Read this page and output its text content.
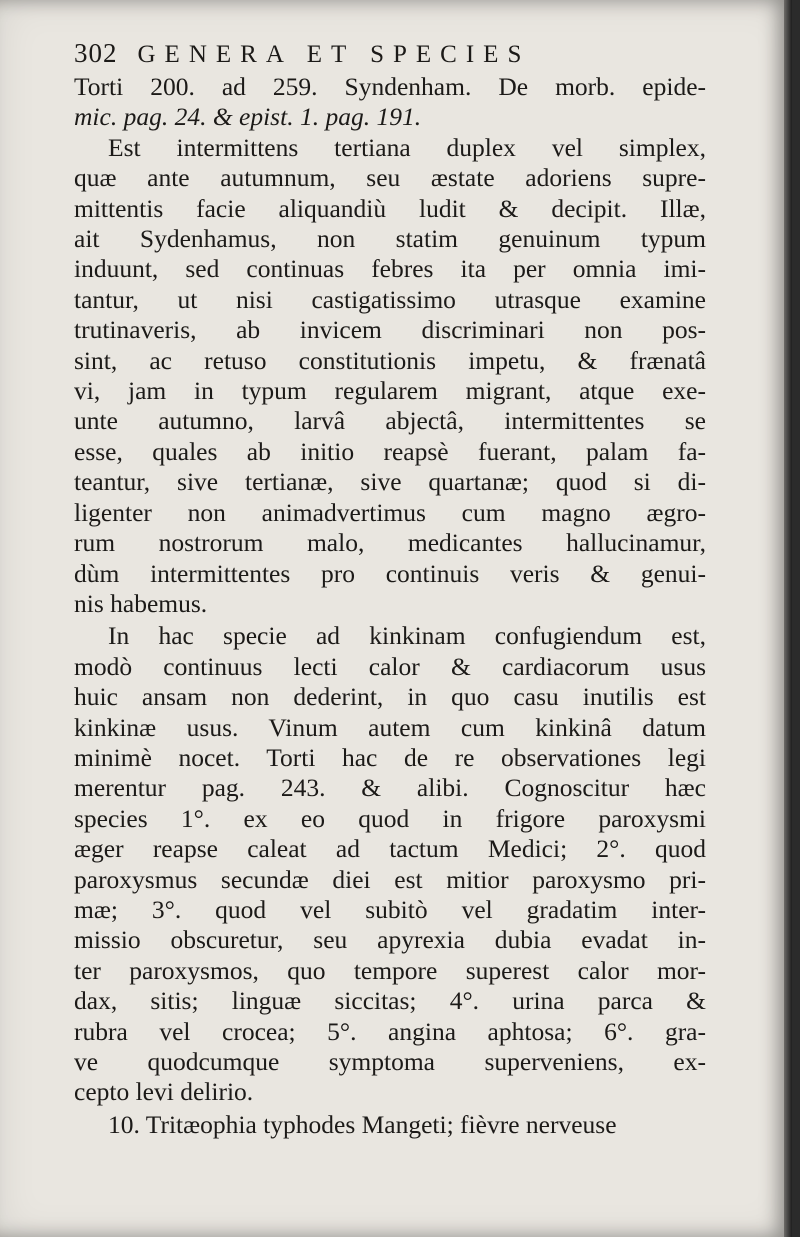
302 GENERA ET SPECIES
Torti 200. ad 259. Syndenham. De morb. epide-
mic. pag. 24. & epist. 1. pag. 191.
Est intermittens tertiana duplex vel simplex,
quæ ante autumnum, seu æstate adoriens supre-
mittentis facie aliquandiù ludit & decipit. Illæ,
ait Sydenhamus, non statim genuinum typum
induunt, sed continuas febres ita per omnia imi-
tantur, ut nisi castigatissimo utrasque examine
trutinaveris, ab invicem discriminari non pos-
sint, ac retuso constitutionis impetu, & frænatâ
vi, jam in typum regularem migrant, atque exe-
unte autumno, larvâ abjectâ, intermittentes se
esse, quales ab initio reapsè fuerant, palam fa-
teantur, sive tertianæ, sive quartanæ; quod si di-
ligenter non animadvertimus cum magno ægro-
rum nostrorum malo, medicantes hallucinamur,
dùm intermittentes pro continuis veris & genui-
nis habemus.
In hac specie ad kinkinam confugiendum est,
modò continuus lecti calor & cardiacorum usus
huic ansam non dederint, in quo casu inutilis est
kinkinæ usus. Vinum autem cum kinkinâ datum
minimè nocet. Torti hac de re observationes legi
merentur pag. 243. & alibi. Cognoscitur hæc
species 1°. ex eo quod in frigore paroxysmi
æger reapse caleat ad tactum Medici; 2°. quod
paroxysmus secundæ diei est mitior paroxysmo pri-
mæ; 3°. quod vel subitò vel gradatim inter-
missio obscuretur, seu apyrexia dubia evadat in-
ter paroxysmos, quo tempore superest calor mor-
dax, sitis; linguæ siccitas; 4°. urina parca &
rubra vel crocea; 5°. angina aphtosa; 6°. gra-
ve quodcumque symptoma superveniens, ex-
cepto levi delirio.
10. Tritæophia typhodes Mangeti; fièvre nerveuse
